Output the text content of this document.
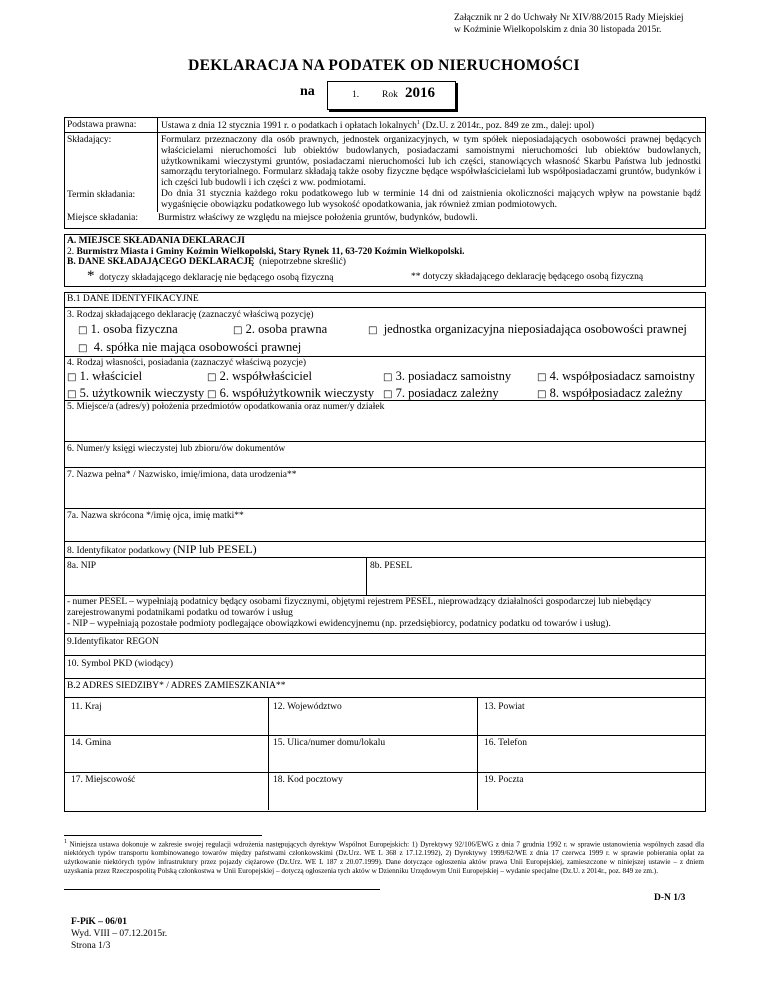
Załącznik nr 2 do Uchwały Nr XIV/88/2015 Rady Miejskiej
w Koźminie Wielkopolskim z dnia 30 listopada 2015r.
DEKLARACJA NA PODATEK OD NIERUCHOMOŚCI
na	1. Rok 2016
Podstawa prawna:	Ustawa z dnia 12 stycznia 1991 r. o podatkach i opłatach lokalnych$^1$ (Dz.U. z 2014r., poz. 849 ze zm., dalej: upol)
Składający:	Formularz przeznaczony dla osób prawnych, jednostek organizacyjnych, w tym spółek nieposiadających osobowości prawnej będących właścicielami nieruchomości lub obiektów budowlanych, posiadaczami samoistnymi nieruchomości lub obiektów budowlanych, użytkownikami wieczystymi gruntów, posiadaczami nieruchomości lub ich części, stanowiących własność Skarbu Państwa lub jednostki samorządu terytorialnego. Formularz składają także osoby fizyczne będące współwłaścicielami lub współposiadaczami gruntów, budynków i ich części lub budowli i ich części z ww. podmiotami.
Termin składania:	Do dnia 31 stycznia każdego roku podatkowego lub w terminie 14 dni od zaistnienia okoliczności mających wpływ na powstanie bądź wygaśnięcie obowiązku podatkowego lub wysokość opodatkowania, jak również zmian podmiotowych.
Miejsce składania: Burmistrz właściwy ze względu na miejsce położenia gruntów, budynków, budowli.
A. MIEJSCE SKŁADANIA DEKLARACJI
2. Burmistrz Miasta i Gminy Koźmin Wielkopolski, Stary Rynek 11, 63-720 Koźmin Wielkopolski.
B. DANE SKŁADAJĄCEGO DEKLARACJĘ (niepotrzebne skreślić)
* dotyczy składającego deklarację nie będącego osobą fizyczną	** dotyczy składającego deklarację będącego osobą fizyczną
B.1 DANE IDENTYFIKACYJNE
3. Rodzaj składającego deklarację (zaznaczyć właściwą pozycję)
□ 1. osoba fizyczna	□ 2. osoba prawna	□ jednostka organizacyjna nieposiadająca osobowości prawnej
□ 4. spółka nie mająca osobowości prawnej
4. Rodzaj własności, posiadania (zaznaczyć właściwą pozycje)
□ 1. właściciel	□ 2. współwłaściciel	□ 3. posiadacz samoistny	□ 4. współposiadacz samoistny
□ 5. użytkownik wieczysty □ 6. współużytkownik wieczysty □ 7. posiadacz zależny	□ 8. współposiadacz zależny
5. Miejsce/a (adres/y) położenia przedmiotów opodatkowania oraz numer/y działek
6. Numer/y księgi wieczystej lub zbioru/ów dokumentów
7. Nazwa pełna* / Nazwisko, imię/imiona, data urodzenia**
7a. Nazwa skrócona */imię ojca, imię matki**
8. Identyfikator podatkowy (NIP lub PESEL)
8a. NIP	8b. PESEL
- numer PESEL – wypełniają podatnicy będący osobami fizycznymi, objętymi rejestrem PESEL, nieprowadzący działalności gospodarczej lub niebędący zarejestrowanymi podatnikami podatku od towarów i usług
- NIP – wypełniają pozostałe podmioty podlegające obowiązkowi ewidencyjnemu (np. przedsiębiorcy, podatnicy podatku od towarów i usług).
9.Identyfikator REGON
10. Symbol PKD (wiodący)
B.2 ADRES SIEDZIBY* / ADRES ZAMIESZKANIA**
11. Kraj	12. Województwo	13. Powiat
14. Gmina	15. Ulica/numer domu/lokalu	16. Telefon
17. Miejscowość	18. Kod pocztowy	19. Poczta
$^1$ Niniejsza ustawa dokonuje w zakresie swojej regulacji wdrożenia następujących dyrektyw Wspólnot Europejskich: 1) Dyrektywy 92/106/EWG z dnia 7 grudnia 1992 r. w sprawie ustanowienia wspólnych zasad dla niektórych typów transportu kombinowanego towarów między państwami członkowskimi (Dz.Urz. WE L 368 z 17.12.1992), 2) Dyrektywy 1999/62/WE z dnia 17 czerwca 1999 r. w sprawie pobierania opłat za użytkowanie niektórych typów infrastruktury przez pojazdy ciężarowe (Dz.Urz. WE L 187 z 20.07.1999). Dane dotyczące ogłoszenia aktów prawa Unii Europejskiej, zamieszczone w niniejszej ustawie – z dniem uzyskania przez Rzeczpospolitą Polską członkostwa w Unii Europejskiej – dotyczą ogłoszenia tych aktów w Dzienniku Urzędowym Unii Europejskiej – wydanie specjalne (Dz.U. z 2014r., poz. 849 ze zm.).
D-N 1/3
F-PiK – 06/01
Wyd. VIII – 07.12.2015r.
Strona 1/3
